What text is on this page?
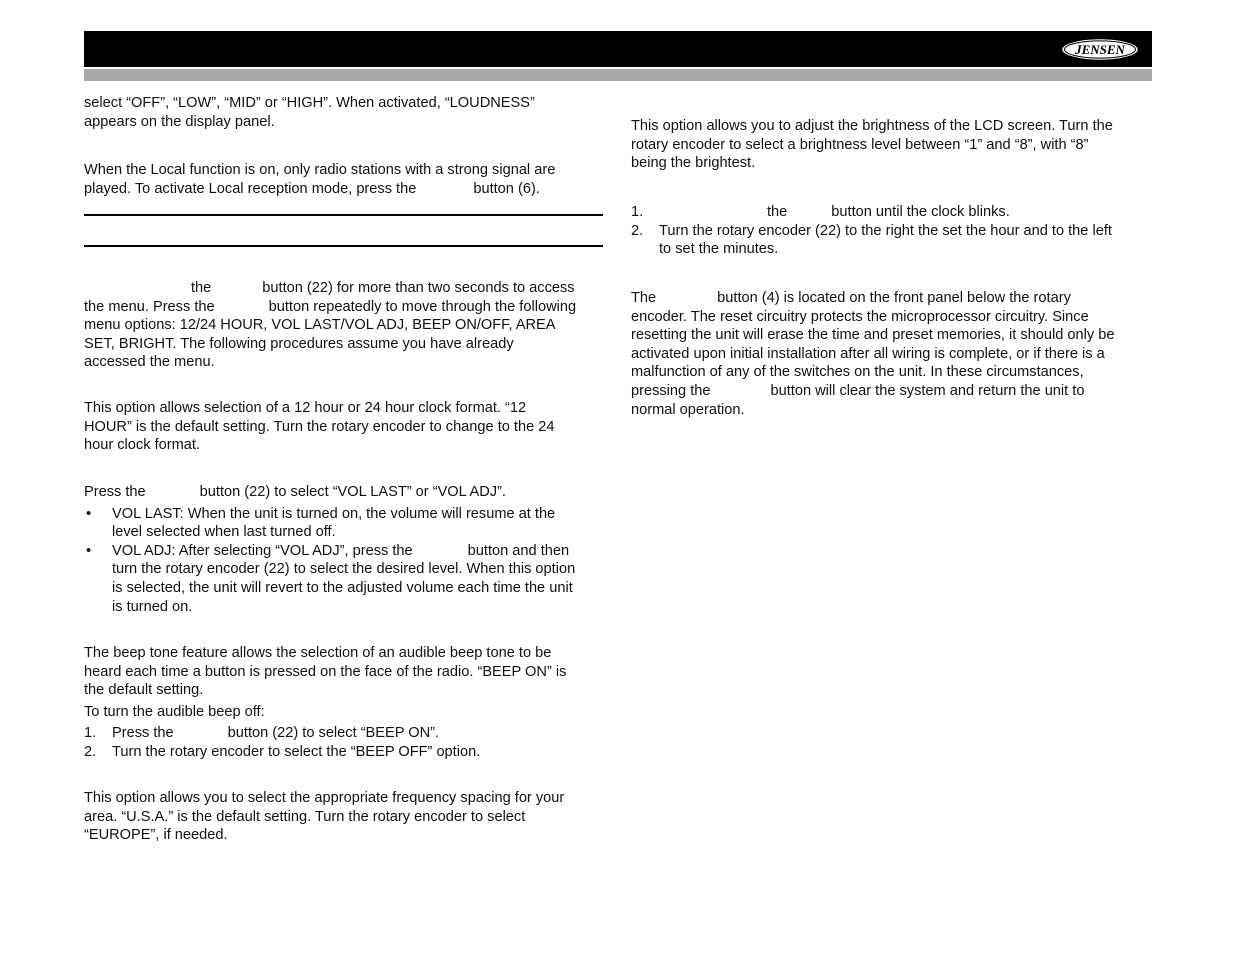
JENSEN

select “OFF”, “LOW”, “MID” or “HIGH”. When activated, “LOUDNESS”

appears on the display panel.

When the Local function is on, only radio stations with a strong signal are

played. To activate Local reception mode, press the	button (6).

the	button (22) for more than two seconds to access

the menu. Press the	button repeatedly to move through the following

menu options: 12/24 HOUR, VOL LAST/VOL ADJ, BEEP ON/OFF, AREA

SET, BRIGHT. The following procedures assume you have already

accessed the menu.

This option allows selection of a 12 hour or 24 hour clock format. “12

HOUR” is the default setting. Turn the rotary encoder to change to the 24

hour clock format.

Press the	button (22) to select “VOL LAST” or “VOL ADJ”.

• VOL LAST: When the unit is turned on, the volume will resume at the

level selected when last turned off.

• VOL ADJ: After selecting “VOL ADJ”, press the	button and then

turn the rotary encoder (22) to select the desired level. When this option

is selected, the unit will revert to the adjusted volume each time the unit

is turned on.

The beep tone feature allows the selection of an audible beep tone to be

heard each time a button is pressed on the face of the radio. “BEEP ON” is

the default setting.

To turn the audible beep off:

1. Press the	button (22) to select “BEEP ON”.

2. Turn the rotary encoder to select the “BEEP OFF” option.

This option allows you to select the appropriate frequency spacing for your

area. “U.S.A.” is the default setting. Turn the rotary encoder to select

“EUROPE”, if needed.

This option allows you to adjust the brightness of the LCD screen. Turn the

rotary encoder to select a brightness level between “1” and “8”, with “8”

being the brightest.

1.	the	button until the clock blinks.

2. Turn the rotary encoder (22) to the right the set the hour and to the left

to set the minutes.

The	button (4) is located on the front panel below the rotary

encoder. The reset circuitry protects the microprocessor circuitry. Since

resetting the unit will erase the time and preset memories, it should only be

activated upon initial installation after all wiring is complete, or if there is a

malfunction of any of the switches on the unit. In these circumstances,

pressing the	button will clear the system and return the unit to

normal operation.
